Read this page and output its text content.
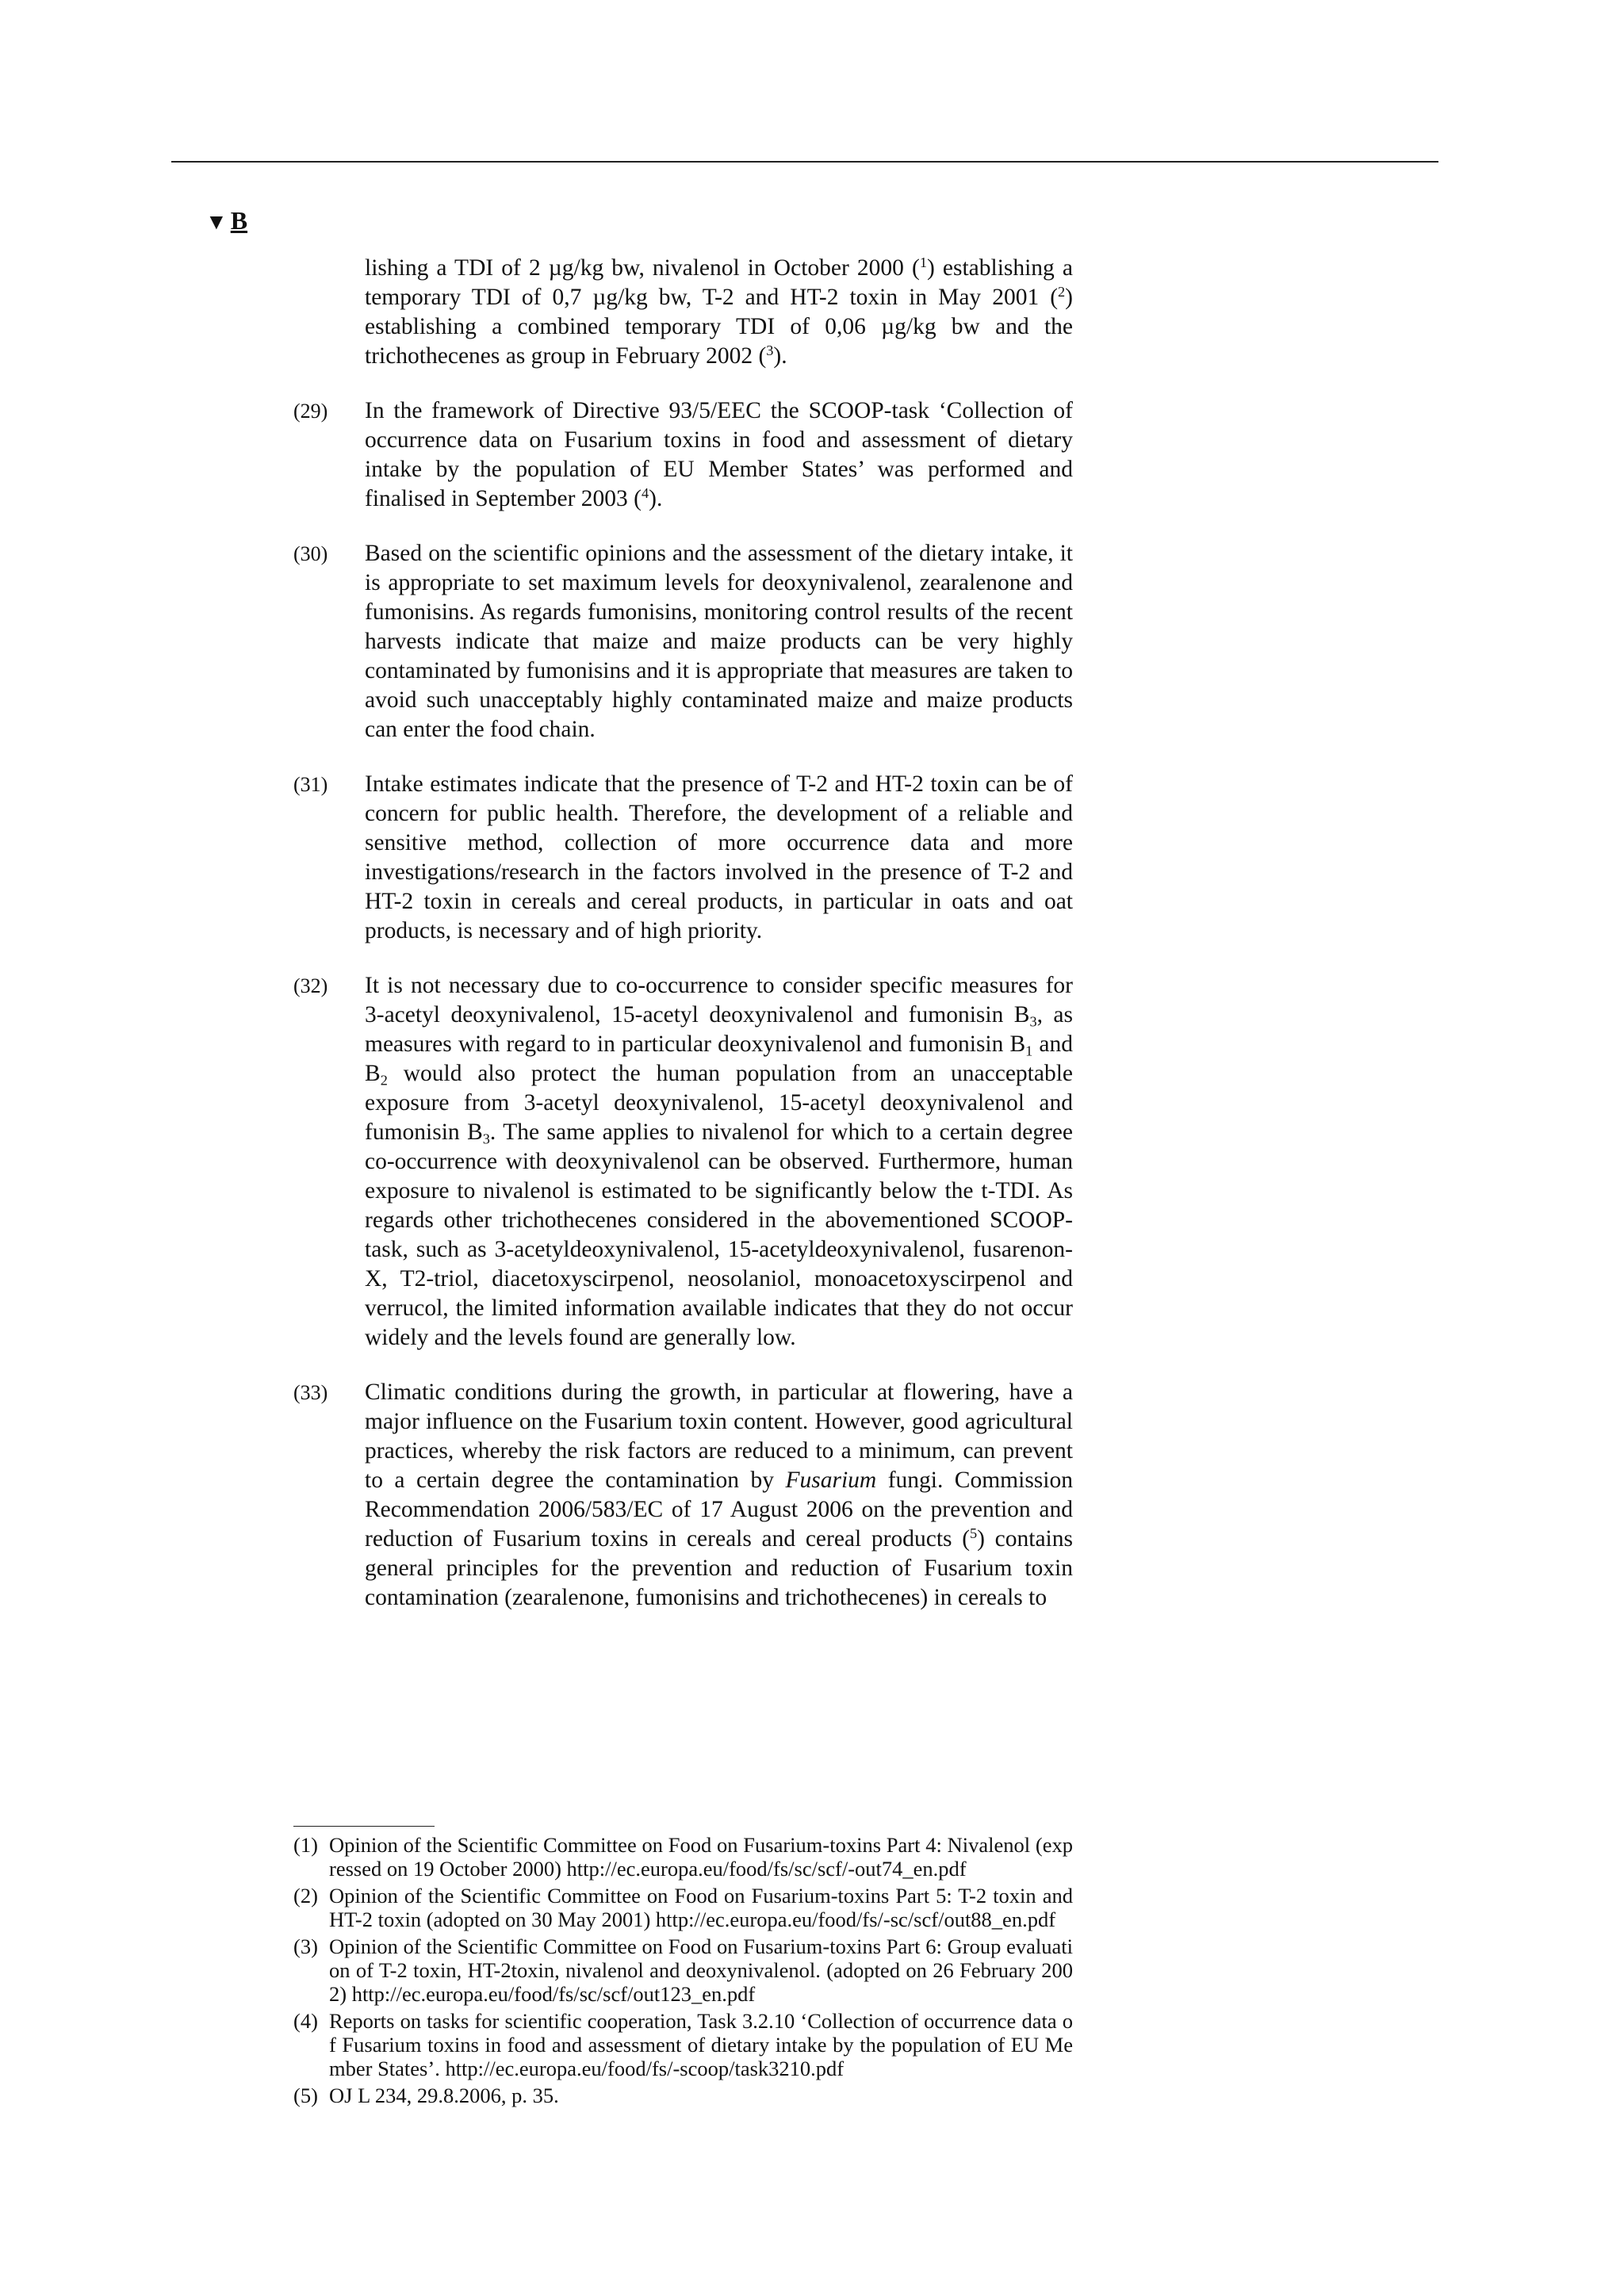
▼ B
lishing a TDI of 2 µg/kg bw, nivalenol in October 2000 ($^1$) establishing a temporary TDI of 0,7 µg/kg bw, T-2 and HT-2 toxin in May 2001 ($^2$) establishing a combined temporary TDI of 0,06 µg/kg bw and the trichothecenes as group in February 2002 ($^3$).
(29) In the framework of Directive 93/5/EEC the SCOOP-task ‘Collection of occurrence data on Fusarium toxins in food and assessment of dietary intake by the population of EU Member States’ was performed and finalised in September 2003 ($^4$).
(30) Based on the scientific opinions and the assessment of the dietary intake, it is appropriate to set maximum levels for deoxynivalenol, zearalenone and fumonisins. As regards fumonisins, monitoring control results of the recent harvests indicate that maize and maize products can be very highly contaminated by fumonisins and it is appropriate that measures are taken to avoid such unacceptably highly contaminated maize and maize products can enter the food chain.
(31) Intake estimates indicate that the presence of T-2 and HT-2 toxin can be of concern for public health. Therefore, the development of a reliable and sensitive method, collection of more occurrence data and more investigations/research in the factors involved in the presence of T-2 and HT-2 toxin in cereals and cereal products, in particular in oats and oat products, is necessary and of high priority.
(32) It is not necessary due to co-occurrence to consider specific measures for 3-acetyl deoxynivalenol, 15-acetyl deoxynivalenol and fumonisin $B_3$, as measures with regard to in particular deoxynivalenol and fumonisin $B_1$ and $B_2$ would also protect the human population from an unacceptable exposure from 3-acetyl deoxynivalenol, 15-acetyl deoxynivalenol and fumonisin $B_3$. The same applies to nivalenol for which to a certain degree co-occurrence with deoxynivalenol can be observed. Furthermore, human exposure to nivalenol is estimated to be significantly below the t-TDI. As regards other trichothecenes considered in the abovementioned SCOOP-task, such as 3-acetyldeoxynivalenol, 15-acetyldeoxynivalenol, fusarenon-X, T2-triol, diacetoxyscirpenol, neosolaniol, monoacetoxyscirpenol and verrucol, the limited information available indicates that they do not occur widely and the levels found are generally low.
(33) Climatic conditions during the growth, in particular at flowering, have a major influence on the Fusarium toxin content. However, good agricultural practices, whereby the risk factors are reduced to a minimum, can prevent to a certain degree the contamination by Fusarium fungi. Commission Recommendation 2006/583/EC of 17 August 2006 on the prevention and reduction of Fusarium toxins in cereals and cereal products ($^5$) contains general principles for the prevention and reduction of Fusarium toxin contamination (zearalenone, fumonisins and trichothecenes) in cereals to
(1) Opinion of the Scientific Committee on Food on Fusarium-toxins Part 4: Nivalenol (expressed on 19 October 2000) http://ec.europa.eu/food/fs/sc/scf/-out74_en.pdf
(2) Opinion of the Scientific Committee on Food on Fusarium-toxins Part 5: T-2 toxin and HT-2 toxin (adopted on 30 May 2001) http://ec.europa.eu/food/fs/-sc/scf/out88_en.pdf
(3) Opinion of the Scientific Committee on Food on Fusarium-toxins Part 6: Group evaluation of T-2 toxin, HT-2toxin, nivalenol and deoxynivalenol. (adopted on 26 February 2002) http://ec.europa.eu/food/fs/sc/scf/out123_en.pdf
(4) Reports on tasks for scientific cooperation, Task 3.2.10 ‘Collection of occurrence data of Fusarium toxins in food and assessment of dietary intake by the population of EU Member States’. http://ec.europa.eu/food/fs/-scoop/task3210.pdf
(5) OJ L 234, 29.8.2006, p. 35.
